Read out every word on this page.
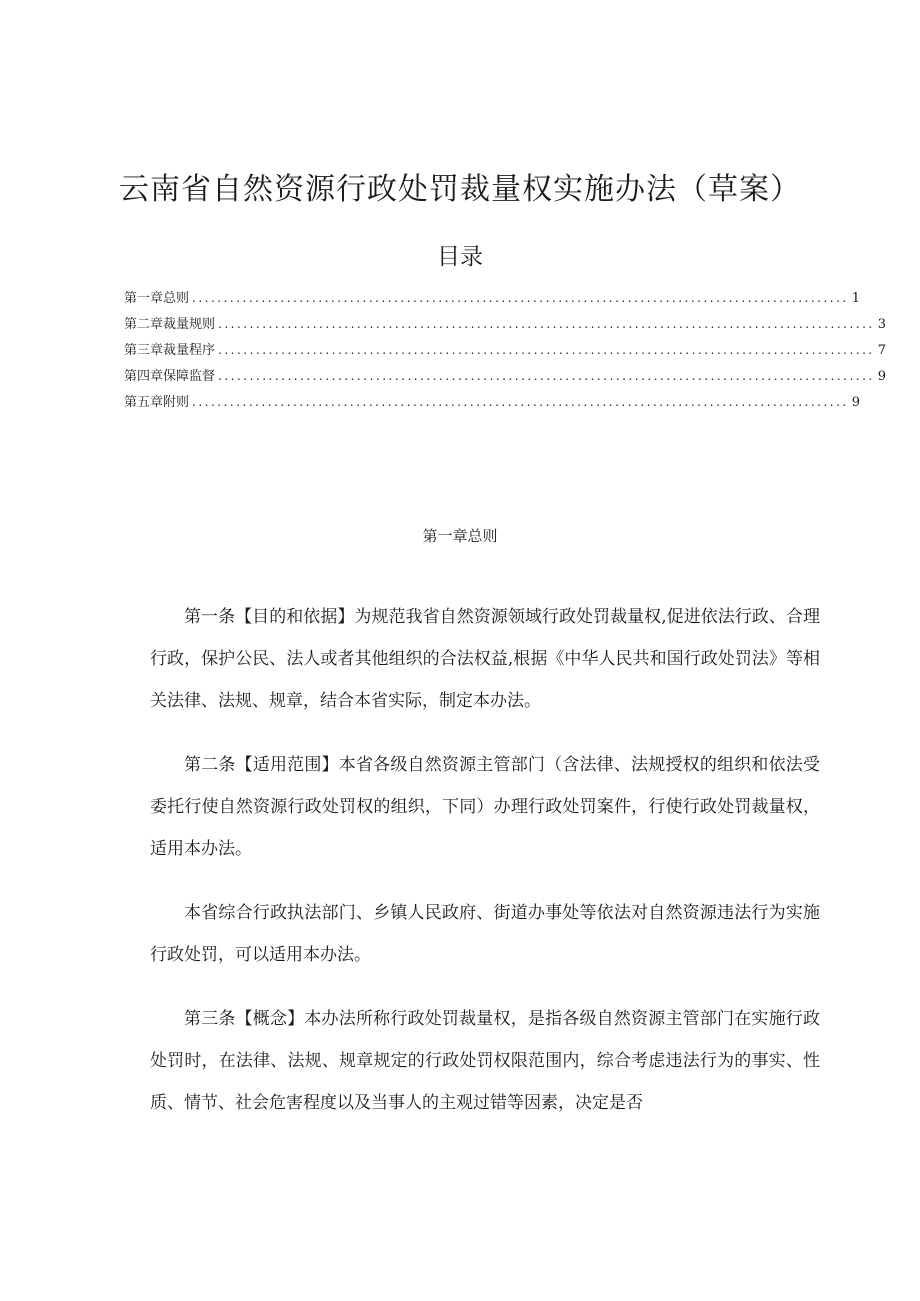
云南省自然资源行政处罚裁量权实施办法（草案）
目录
第一章总则 ........................................................................................................ 1
第二章裁量规则 ........................................................................................................ 3
第三章裁量程序 ........................................................................................................ 7
第四章保障监督 ........................................................................................................ 9
第五章附则 ........................................................................................................ 9
第一章总则

第一条【目的和依据】为规范我省自然资源领域行政处罚裁量权,促进依法行政、合理行政，保护公民、法人或者其他组织的合法权益,根据《中华人民共和国行政处罚法》等相关法律、法规、规章，结合本省实际，制定本办法。

第二条【适用范围】本省各级自然资源主管部门（含法律、法规授权的组织和依法受委托行使自然资源行政处罚权的组织，下同）办理行政处罚案件，行使行政处罚裁量权，适用本办法。

本省综合行政执法部门、乡镇人民政府、街道办事处等依法对自然资源违法行为实施行政处罚，可以适用本办法。

第三条【概念】本办法所称行政处罚裁量权，是指各级自然资源主管部门在实施行政处罚时，在法律、法规、规章规定的行政处罚权限范围内，综合考虑违法行为的事实、性质、情节、社会危害程度以及当事人的主观过错等因素，决定是否
